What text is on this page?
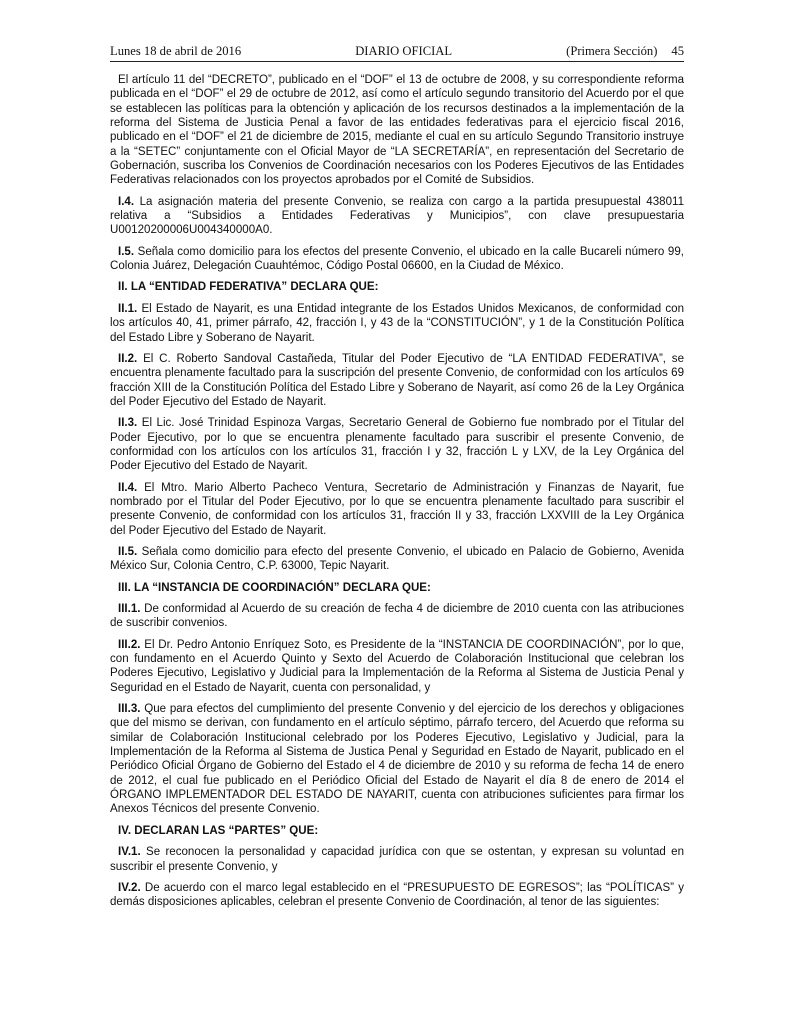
Lunes 18 de abril de 2016	DIARIO OFICIAL	(Primera Sección) 45
El artículo 11 del “DECRETO”, publicado en el “DOF” el 13 de octubre de 2008, y su correspondiente reforma publicada en el “DOF” el 29 de octubre de 2012, así como el artículo segundo transitorio del Acuerdo por el que se establecen las políticas para la obtención y aplicación de los recursos destinados a la implementación de la reforma del Sistema de Justicia Penal a favor de las entidades federativas para el ejercicio fiscal 2016, publicado en el “DOF” el 21 de diciembre de 2015, mediante el cual en su artículo Segundo Transitorio instruye a la “SETEC” conjuntamente con el Oficial Mayor de “LA SECRETARÍA”, en representación del Secretario de Gobernación, suscriba los Convenios de Coordinación necesarios con los Poderes Ejecutivos de las Entidades Federativas relacionados con los proyectos aprobados por el Comité de Subsidios.
I.4. La asignación materia del presente Convenio, se realiza con cargo a la partida presupuestal 438011 relativa a “Subsidios a Entidades Federativas y Municipios”, con clave presupuestaria U00120200006U004340000A0.
I.5. Señala como domicilio para los efectos del presente Convenio, el ubicado en la calle Bucareli número 99, Colonia Juárez, Delegación Cuauhtémoc, Código Postal 06600, en la Ciudad de México.
II. LA “ENTIDAD FEDERATIVA” DECLARA QUE:
II.1. El Estado de Nayarit, es una Entidad integrante de los Estados Unidos Mexicanos, de conformidad con los artículos 40, 41, primer párrafo, 42, fracción I, y 43 de la “CONSTITUCIÓN”, y 1 de la Constitución Política del Estado Libre y Soberano de Nayarit.
II.2. El C. Roberto Sandoval Castañeda, Titular del Poder Ejecutivo de “LA ENTIDAD FEDERATIVA”, se encuentra plenamente facultado para la suscripción del presente Convenio, de conformidad con los artículos 69 fracción XIII de la Constitución Política del Estado Libre y Soberano de Nayarit, así como 26 de la Ley Orgánica del Poder Ejecutivo del Estado de Nayarit.
II.3. El Lic. José Trinidad Espinoza Vargas, Secretario General de Gobierno fue nombrado por el Titular del Poder Ejecutivo, por lo que se encuentra plenamente facultado para suscribir el presente Convenio, de conformidad con los artículos con los artículos 31, fracción I y 32, fracción L y LXV, de la Ley Orgánica del Poder Ejecutivo del Estado de Nayarit.
II.4. El Mtro. Mario Alberto Pacheco Ventura, Secretario de Administración y Finanzas de Nayarit, fue nombrado por el Titular del Poder Ejecutivo, por lo que se encuentra plenamente facultado para suscribir el presente Convenio, de conformidad con los artículos 31, fracción II y 33, fracción LXXVIII de la Ley Orgánica del Poder Ejecutivo del Estado de Nayarit.
II.5. Señala como domicilio para efecto del presente Convenio, el ubicado en Palacio de Gobierno, Avenida México Sur, Colonia Centro, C.P. 63000, Tepic Nayarit.
III. LA “INSTANCIA DE COORDINACIÓN” DECLARA QUE:
III.1. De conformidad al Acuerdo de su creación de fecha 4 de diciembre de 2010 cuenta con las atribuciones de suscribir convenios.
III.2. El Dr. Pedro Antonio Enríquez Soto, es Presidente de la “INSTANCIA DE COORDINACIÓN”, por lo que, con fundamento en el Acuerdo Quinto y Sexto del Acuerdo de Colaboración Institucional que celebran los Poderes Ejecutivo, Legislativo y Judicial para la Implementación de la Reforma al Sistema de Justicia Penal y Seguridad en el Estado de Nayarit, cuenta con personalidad, y
III.3. Que para efectos del cumplimiento del presente Convenio y del ejercicio de los derechos y obligaciones que del mismo se derivan, con fundamento en el artículo séptimo, párrafo tercero, del Acuerdo que reforma su similar de Colaboración Institucional celebrado por los Poderes Ejecutivo, Legislativo y Judicial, para la Implementación de la Reforma al Sistema de Justica Penal y Seguridad en Estado de Nayarit, publicado en el Periódico Oficial Órgano de Gobierno del Estado el 4 de diciembre de 2010 y su reforma de fecha 14 de enero de 2012, el cual fue publicado en el Periódico Oficial del Estado de Nayarit el día 8 de enero de 2014 el ÓRGANO IMPLEMENTADOR DEL ESTADO DE NAYARIT, cuenta con atribuciones suficientes para firmar los Anexos Técnicos del presente Convenio.
IV. DECLARAN LAS “PARTES” QUE:
IV.1. Se reconocen la personalidad y capacidad jurídica con que se ostentan, y expresan su voluntad en suscribir el presente Convenio, y
IV.2. De acuerdo con el marco legal establecido en el “PRESUPUESTO DE EGRESOS”; las “POLÍTICAS” y demás disposiciones aplicables, celebran el presente Convenio de Coordinación, al tenor de las siguientes:
